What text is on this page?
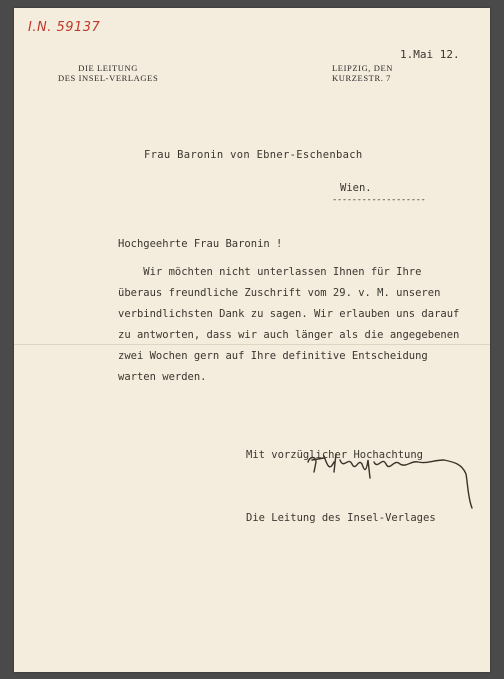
I.N. 59137
DIE LEITUNG
DES INSEL-VERLAGES
LEIPZIG, DEN
KURZESTR. 7
1.Mai 12.
Frau Baronin von Ebner-Eschenbach
Wien.
-------------------
Hochgeehrte Frau Baronin !
Wir möchten nicht unterlassen Ihnen für Ihre
überaus freundliche Zuschrift vom 29. v. M. unseren
verbindlichsten Dank zu sagen. Wir erlauben uns darauf
zu antworten, dass wir auch länger als die angegebenen
zwei Wochen gern auf Ihre definitive Entscheidung
warten werden.

Mit vorzüglicher Hochachtung

Die Leitung des Insel-Verlages
